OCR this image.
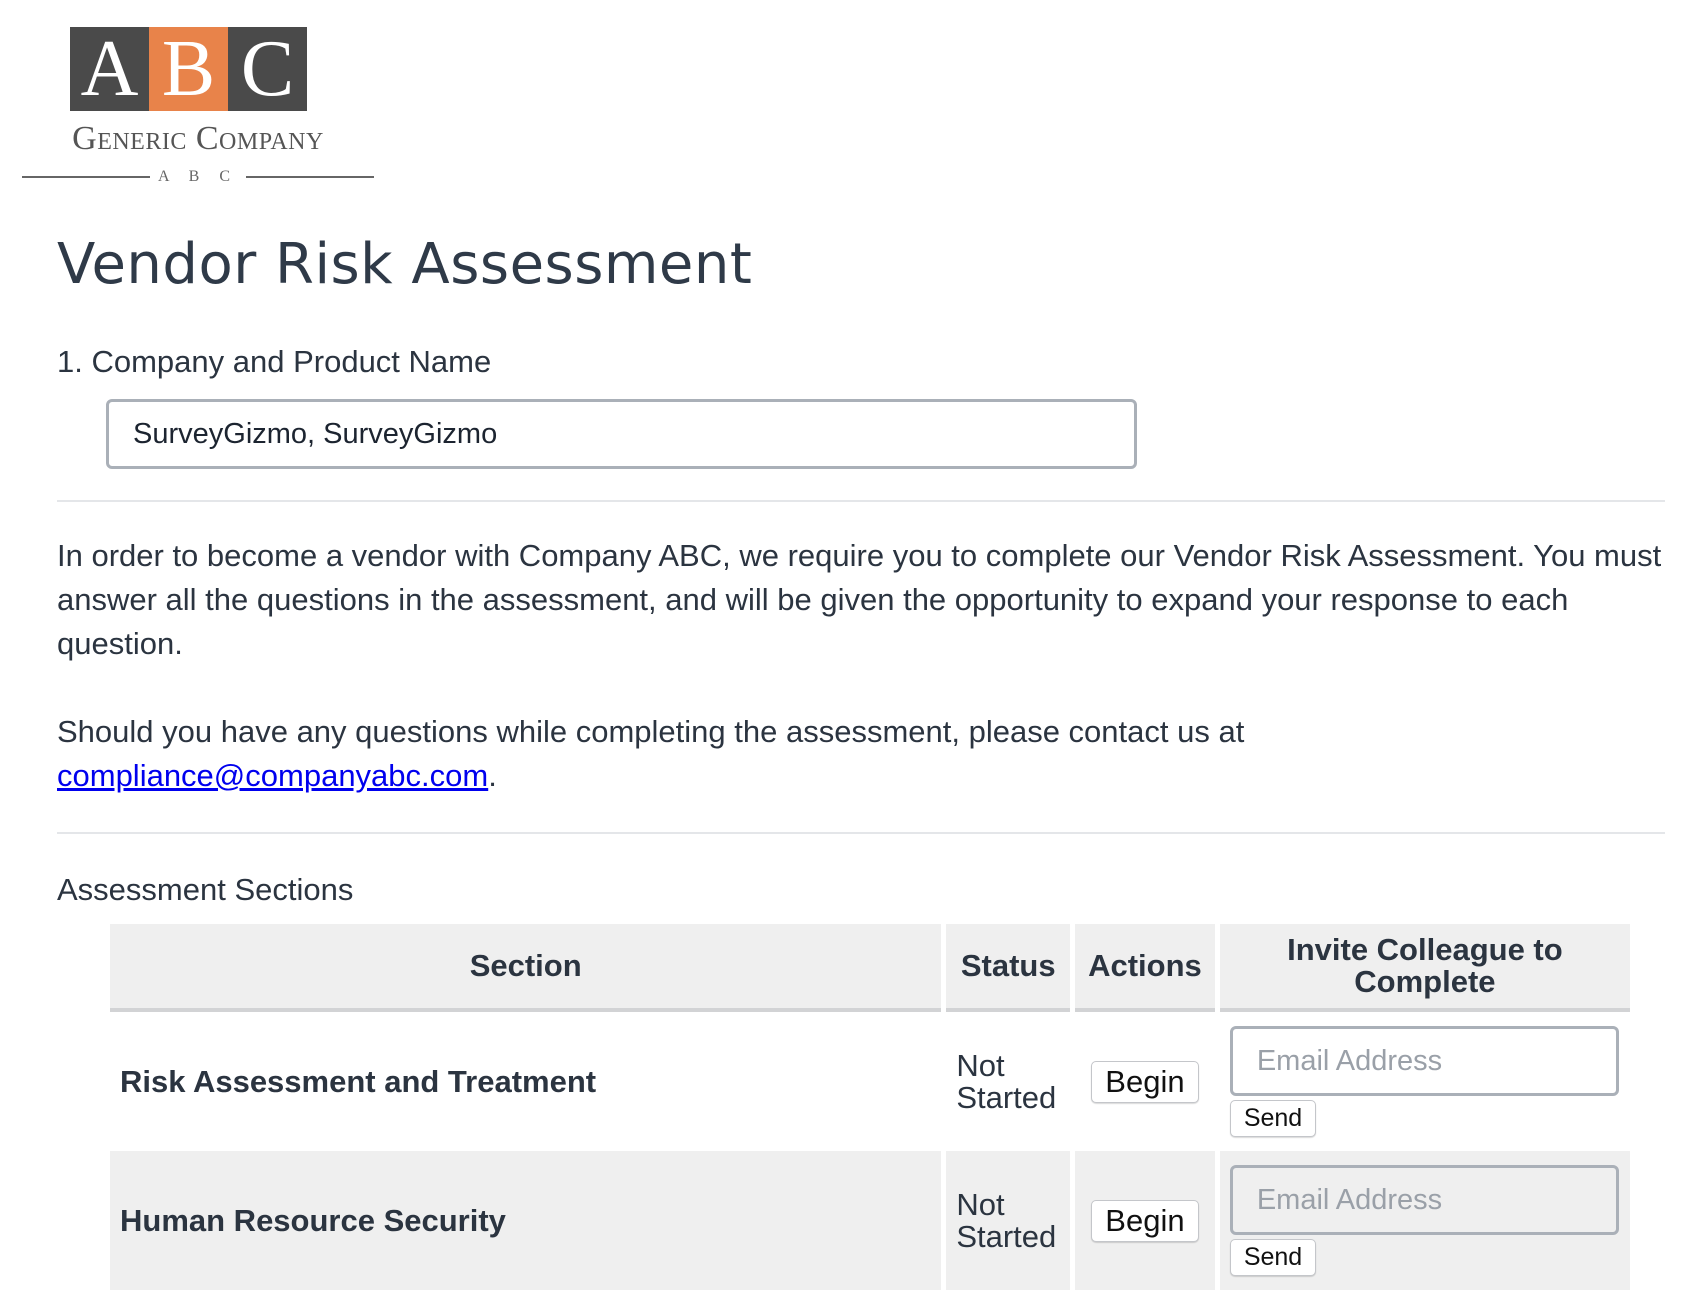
A B C
Generic Company
A B C
Vendor Risk Assessment
1. Company and Product Name
SurveyGizmo, SurveyGizmo

In order to become a vendor with Company ABC, we require you to complete our Vendor Risk Assessment. You must answer all the questions in the assessment, and will be given the opportunity to expand your response to each question.

Should you have any questions while completing the assessment, please contact us at
compliance@companyabc.com.

Assessment Sections
Section	Status	Actions	Invite Colleague to Complete
Risk Assessment and Treatment	Not Started	Begin
Email Address
Send
Human Resource Security	Not Started	Begin
Email Address
Send
